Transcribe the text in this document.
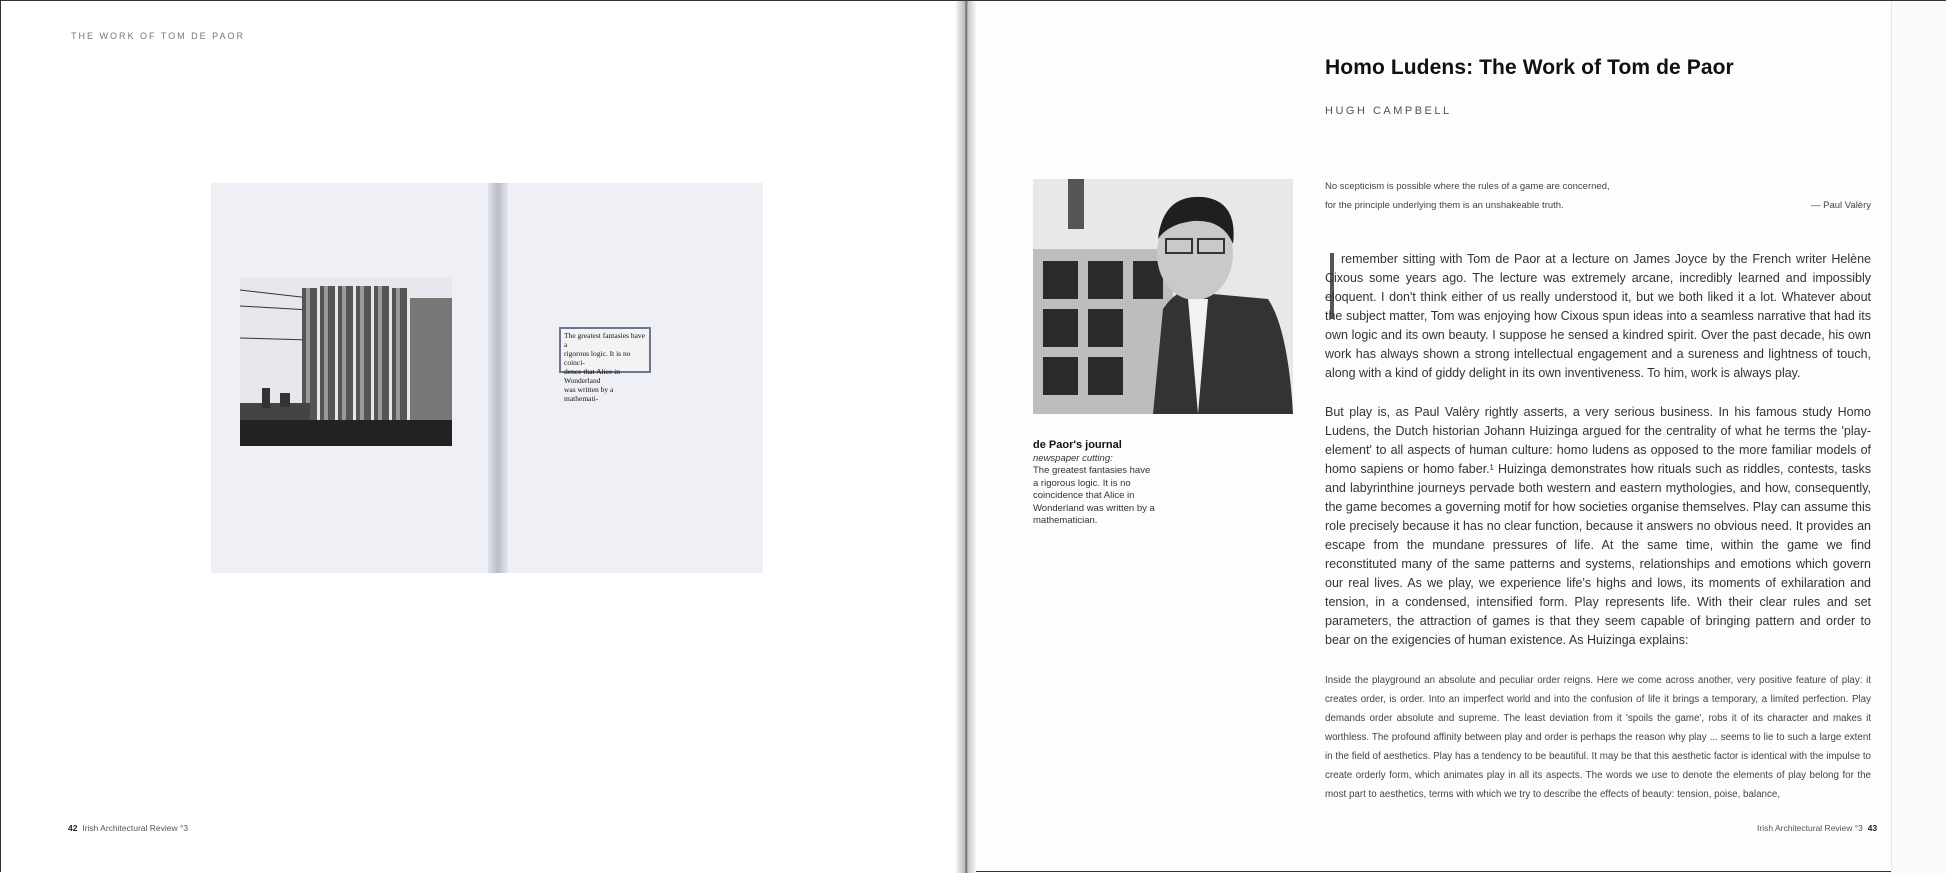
THE WORK OF TOM DE PAOR
The greatest fantasies have a
rigorous logic. It is no coinci-
dence that Alice in Wonderland
was written by a mathemati-
42 Irish Architectural Review °3
Homo Ludens: The Work of Tom de Paor
HUGH CAMPBELL
No scepticism is possible where the rules of a game are concerned,
for the principle underlying them is an unshakeable truth.	— Paul Valèry
de Paor's journal
newspaper cutting:
The greatest fantasies have a rigorous logic. It is no coincidence that Alice in Wonderland was written by a mathematician.
remember sitting with Tom de Paor at a lecture on James Joyce by the French writer Helène Cixous some years ago. The lecture was extremely arcane, incredibly learned and impossibly eloquent. I don't think either of us really understood it, but we both liked it a lot. Whatever about the subject matter, Tom was enjoying how Cixous spun ideas into a seamless narrative that had its own logic and its own beauty. I suppose he sensed a kindred spirit. Over the past decade, his own work has always shown a strong intellectual engagement and a sureness and lightness of touch, along with a kind of giddy delight in its own inventiveness. To him, work is always play.
But play is, as Paul Valèry rightly asserts, a very serious business. In his famous study Homo Ludens, the Dutch historian Johann Huizinga argued for the centrality of what he terms the 'play-element' to all aspects of human culture: homo ludens as opposed to the more familiar models of homo sapiens or homo faber.¹ Huizinga demonstrates how rituals such as riddles, contests, tasks and labyrinthine journeys pervade both western and eastern mythologies, and how, consequently, the game becomes a governing motif for how societies organise themselves. Play can assume this role precisely because it has no clear function, because it answers no obvious need. It provides an escape from the mundane pressures of life. At the same time, within the game we find reconstituted many of the same patterns and systems, relationships and emotions which govern our real lives. As we play, we experience life's highs and lows, its moments of exhilaration and tension, in a condensed, intensified form. Play represents life. With their clear rules and set parameters, the attraction of games is that they seem capable of bringing pattern and order to bear on the exigencies of human existence. As Huizinga explains:
Inside the playground an absolute and peculiar order reigns. Here we come across another, very positive feature of play: it creates order, is order. Into an imperfect world and into the confusion of life it brings a temporary, a limited perfection. Play demands order absolute and supreme. The least deviation from it 'spoils the game', robs it of its character and makes it worthless. The profound affinity between play and order is perhaps the reason why play ... seems to lie to such a large extent in the field of aesthetics. Play has a tendency to be beautiful. It may be that this aesthetic factor is identical with the impulse to create orderly form, which animates play in all its aspects. The words we use to denote the elements of play belong for the most part to aesthetics, terms with which we try to describe the effects of beauty: tension, poise, balance,
Irish Architectural Review °3 43
